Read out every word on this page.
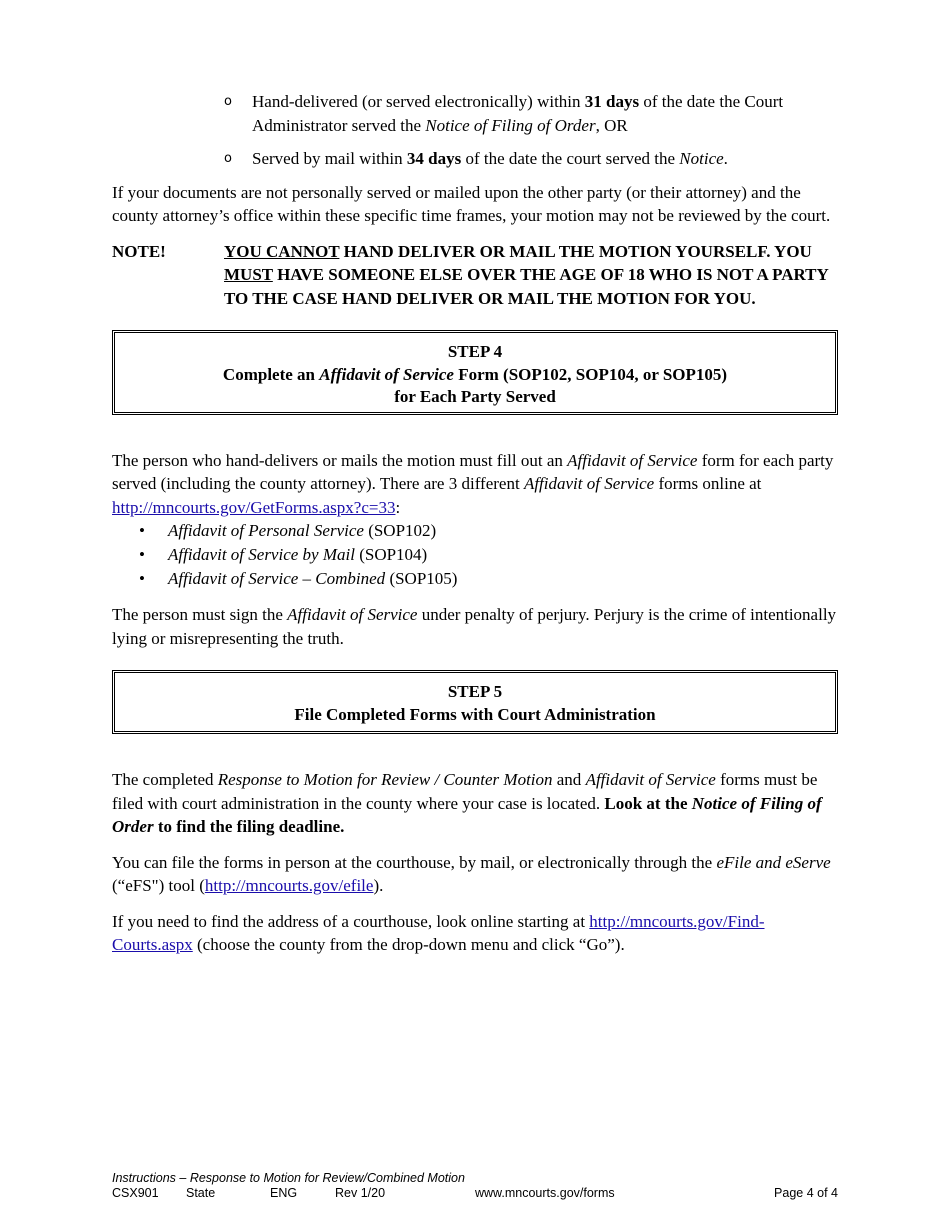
o Hand-delivered (or served electronically) within 31 days of the date the Court Administrator served the Notice of Filing of Order, OR
o Served by mail within 34 days of the date the court served the Notice.

If your documents are not personally served or mailed upon the other party (or their attorney) and the county attorney’s office within these specific time frames, your motion may not be reviewed by the court.

NOTE!	YOU CANNOT HAND DELIVER OR MAIL THE MOTION YOURSELF. YOU MUST HAVE SOMEONE ELSE OVER THE AGE OF 18 WHO IS NOT A PARTY TO THE CASE HAND DELIVER OR MAIL THE MOTION FOR YOU.
STEP 4
Complete an Affidavit of Service Form (SOP102, SOP104, or SOP105)
for Each Party Served

The person who hand-delivers or mails the motion must fill out an Affidavit of Service form for each party served (including the county attorney). There are 3 different Affidavit of Service forms online at http://mncourts.gov/GetForms.aspx?c=33:

• Affidavit of Personal Service (SOP102)
• Affidavit of Service by Mail (SOP104)
• Affidavit of Service – Combined (SOP105)

The person must sign the Affidavit of Service under penalty of perjury. Perjury is the crime of intentionally lying or misrepresenting the truth.

STEP 5
File Completed Forms with Court Administration

The completed Response to Motion for Review / Counter Motion and Affidavit of Service forms must be filed with court administration in the county where your case is located. Look at the Notice of Filing of Order to find the filing deadline.

You can file the forms in person at the courthouse, by mail, or electronically through the eFile and eServe (“eFS") tool (http://mncourts.gov/efile).

If you need to find the address of a courthouse, look online starting at http://mncourts.gov/Find-Courts.aspx (choose the county from the drop-down menu and click “Go”).

Instructions – Response to Motion for Review/Combined Motion
CSX901 State	ENG	Rev 1/20	www.mncourts.gov/forms	Page 4 of 4
